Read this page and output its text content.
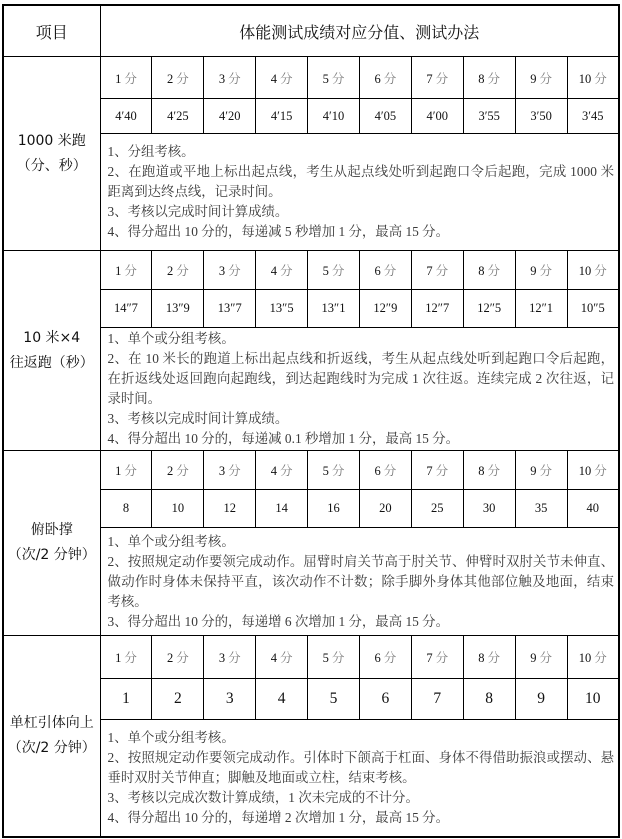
项目	体能测试成绩对应分值、测试办法									

1000 米跑
（分、秒）	1 分	2 分	3 分	4 分	5 分	6 分	7 分	8 分	9 分	10 分
	4′40	4′25	4′20	4′15	4′10	4′05	4′00	3′55	3′50	3′45

	1、分组考核。
2、在跑道或平地上标出起点线，考生从起点线处听到起跑口令后起跑，完成 1000 米距离到达终点线，记录时间。
3、考核以完成时间计算成绩。
4、得分超出 10 分的，每递减 5 秒增加 1 分，最高 15 分。									

10 米×4
往返跑（秒）	1 分	2 分	3 分	4 分	5 分	6 分	7 分	8 分	9 分	10 分
	14″7	13″9	13″7	13″5	13″1	12″9	12″7	12″5	12″1	10″5

	1、单个或分组考核。
2、在 10 米长的跑道上标出起点线和折返线，考生从起点线处听到起跑口令后起跑，在折返线处返回跑向起跑线，到达起跑线时为完成 1 次往返。连续完成 2 次往返，记录时间。
3、考核以完成时间计算成绩。
4、得分超出 10 分的，每递减 0.1 秒增加 1 分，最高 15 分。									

俯卧撑
（次/2 分钟）	1 分	2 分	3 分	4 分	5 分	6 分	7 分	8 分	9 分	10 分
	8	10	12	14	16	20	25	30	35	40

	1、单个或分组考核。
2、按照规定动作要领完成动作。屈臂时肩关节高于肘关节、伸臂时双肘关节未伸直、做动作时身体未保持平直，该次动作不计数；除手脚外身体其他部位触及地面，结束考核。
3、得分超出 10 分的，每递增 6 次增加 1 分，最高 15 分。									

单杠引体向上
（次/2 分钟）	1 分	2 分	3 分	4 分	5 分	6 分	7 分	8 分	9 分	10 分
	1	2	3	4	5	6	7	8	9	10

	1、单个或分组考核。
2、按照规定动作要领完成动作。引体时下颌高于杠面、身体不得借助振浪或摆动、悬垂时双肘关节伸直；脚触及地面或立柱，结束考核。
3、考核以完成次数计算成绩，1 次未完成的不计分。
4、得分超出 10 分的，每递增 2 次增加 1 分，最高 15 分。									
